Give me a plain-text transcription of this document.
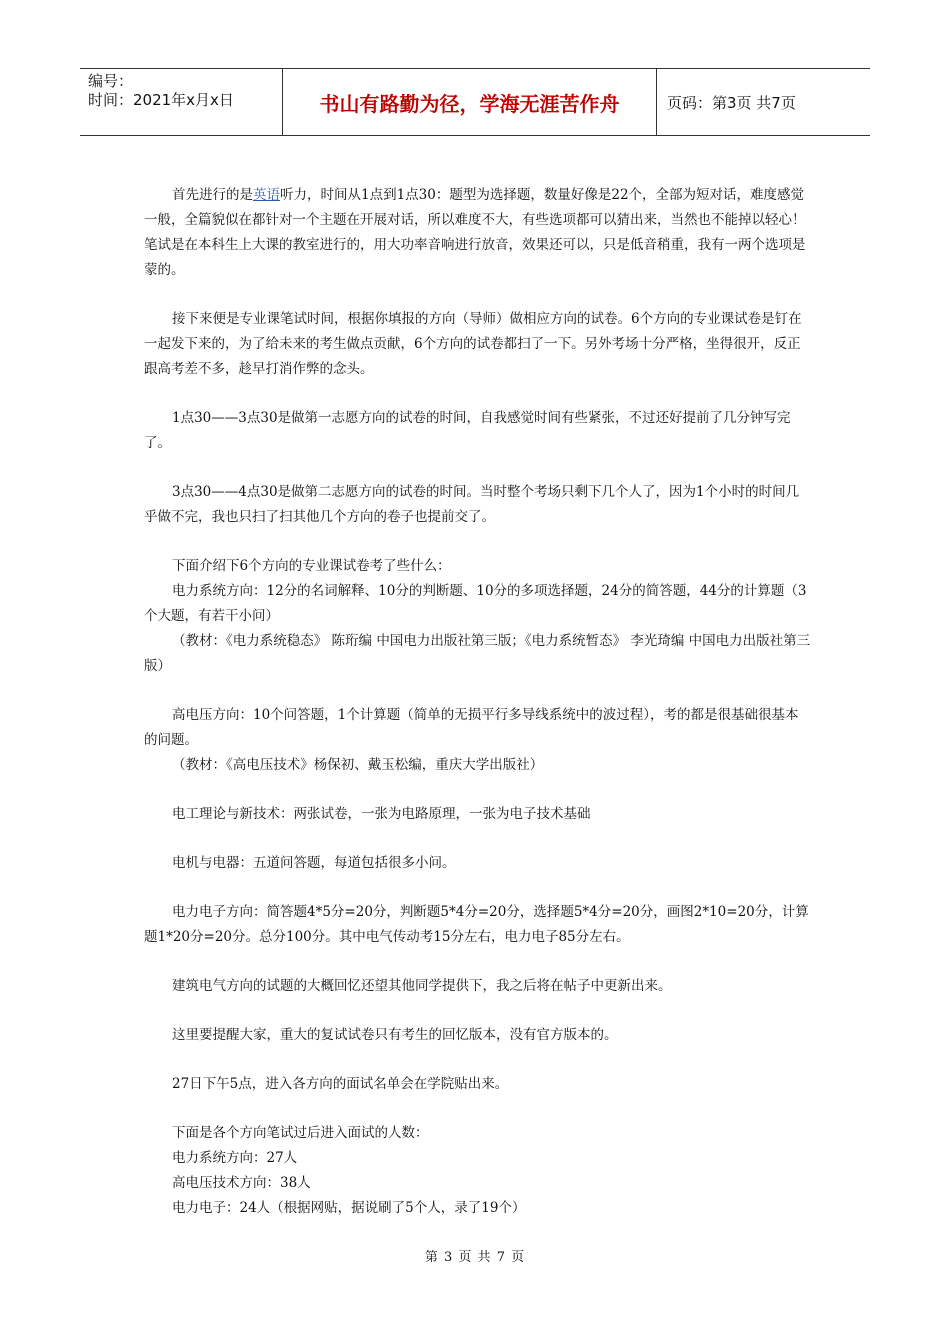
编号：
时间：2021年x月x日	书山有路勤为径，学海无涯苦作舟	页码：第3页 共7页

首先进行的是英语听力，时间从1点到1点30：题型为选择题，数量好像是22个，全部为短对话，难度感觉一般，全篇貌似在都针对一个主题在开展对话，所以难度不大，有些选项都可以猜出来，当然也不能掉以轻心！笔试是在本科生上大课的教室进行的，用大功率音响进行放音，效果还可以，只是低音稍重，我有一两个选项是蒙的。

接下来便是专业课笔试时间，根据你填报的方向（导师）做相应方向的试卷。6个方向的专业课试卷是钉在一起发下来的，为了给未来的考生做点贡献，6个方向的试卷都扫了一下。另外考场十分严格，坐得很开，反正跟高考差不多，趁早打消作弊的念头。

1点30——3点30是做第一志愿方向的试卷的时间，自我感觉时间有些紧张，不过还好提前了几分钟写完了。

3点30——4点30是做第二志愿方向的试卷的时间。当时整个考场只剩下几个人了，因为1个小时的时间几乎做不完，我也只扫了扫其他几个方向的卷子也提前交了。

下面介绍下6个方向的专业课试卷考了些什么：

电力系统方向：12分的名词解释、10分的判断题、10分的多项选择题，24分的简答题，44分的计算题（3个大题，有若干小问）

（教材：《电力系统稳态》 陈珩编 中国电力出版社第三版；《电力系统暂态》 李光琦编 中国电力出版社第三版）

高电压方向：10个问答题，1个计算题（简单的无损平行多导线系统中的波过程），考的都是很基础很基本的问题。

（教材：《高电压技术》杨保初、戴玉松编，重庆大学出版社）

电工理论与新技术：两张试卷，一张为电路原理，一张为电子技术基础

电机与电器：五道问答题，每道包括很多小问。

电力电子方向：简答题4*5分=20分，判断题5*4分=20分，选择题5*4分=20分，画图2*10=20分，计算题1*20分=20分。总分100分。其中电气传动考15分左右，电力电子85分左右。

建筑电气方向的试题的大概回忆还望其他同学提供下，我之后将在帖子中更新出来。

这里要提醒大家，重大的复试试卷只有考生的回忆版本，没有官方版本的。

27日下午5点，进入各方向的面试名单会在学院贴出来。

下面是各个方向笔试过后进入面试的人数：

电力系统方向：27人

高电压技术方向：38人

电力电子：24人（根据网贴，据说刷了5个人，录了19个）

第 3 页 共 7 页
